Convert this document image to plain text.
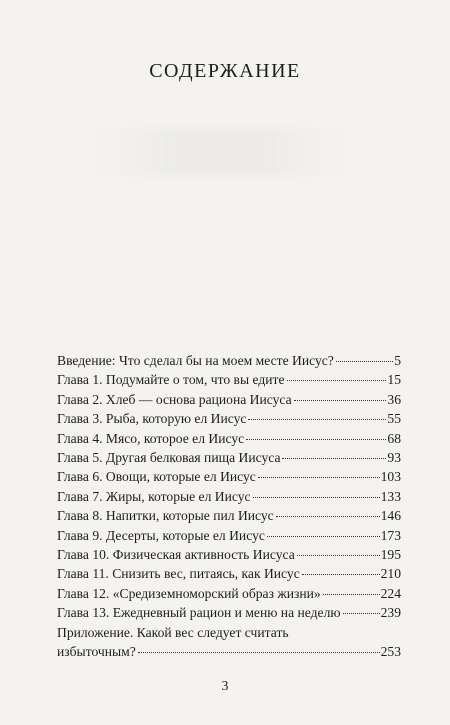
СОДЕРЖАНИЕ
Введение: Что сделал бы на моем месте Иисус?	5
Глава 1. Подумайте о том, что вы едите	15
Глава 2. Хлеб — основа рациона Иисуса	36
Глава 3. Рыба, которую ел Иисус	55
Глава 4. Мясо, которое ел Иисус	68
Глава 5. Другая белковая пища Иисуса	93
Глава 6. Овощи, которые ел Иисус	103
Глава 7. Жиры, которые ел Иисус	133
Глава 8. Напитки, которые пил Иисус	146
Глава 9. Десерты, которые ел Иисус	173
Глава 10. Физическая активность Иисуса	195
Глава 11. Снизить вес, питаясь, как Иисус	210
Глава 12. «Средиземноморский образ жизни»	224
Глава 13. Ежедневный рацион и меню на неделю	239
Приложение. Какой вес следует считать
избыточным?	253
3
